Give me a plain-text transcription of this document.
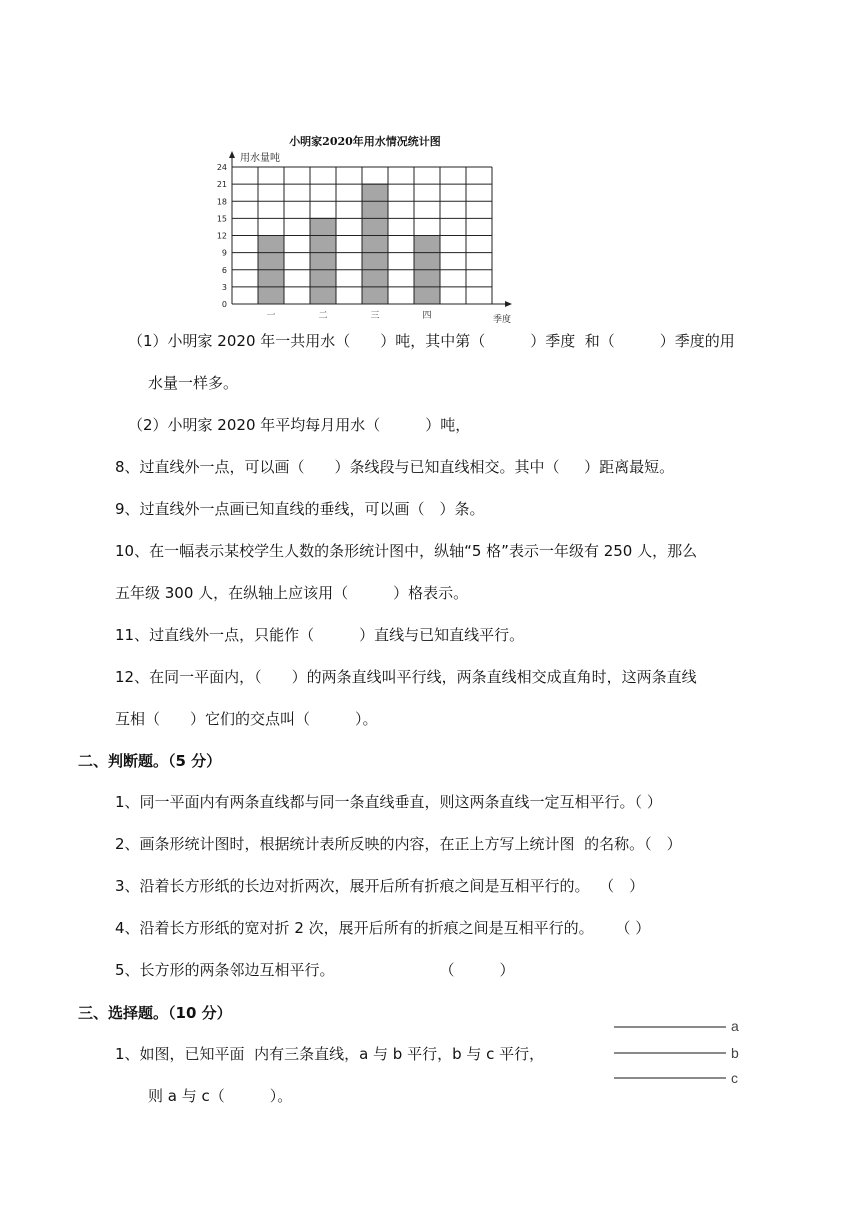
小明家2020年用水情况统计图
0
3
6
9
12
15
18
21
24
用水量吨
一	二	三	四	季度
（1）小明家 2020 年一共用水（　　）吨，其中第（　　　）季度  和（　　　）季度的用
水量一样多。
（2）小明家 2020 年平均每月用水（　　　）吨，
8、过直线外一点，可以画（　　）条线段与已知直线相交。其中（　  ）距离最短。
9、过直线外一点画已知直线的垂线，可以画（　）条。
10、在一幅表示某校学生人数的条形统计图中，纵轴“5 格”表示一年级有 250 人，那么
五年级 300 人，在纵轴上应该用（　　　）格表示。
11、过直线外一点，只能作（　　　）直线与已知直线平行。
12、在同一平面内，（　　）的两条直线叫平行线，两条直线相交成直角时，这两条直线
互相（　　）它们的交点叫（　　　）。
二、判断题。（5 分）
1、同一平面内有两条直线都与同一条直线垂直，则这两条直线一定互相平行。（ ）
2、画条形统计图时，根据统计表所反映的内容，在正上方写上统计图  的名称。（　）
3、沿着长方形纸的长边对折两次，展开后所有折痕之间是互相平行的。  （　）
4、沿着长方形纸的宽对折 2 次，展开后所有的折痕之间是互相平行的。　   （ ）
5、长方形的两条邻边互相平行。　　　　　　　　（　　　）
三、选择题。（10 分）
1、如图，已知平面  内有三条直线，a 与 b 平行，b 与 c 平行，
则 a 与 c（　　　）。
a
b
c
